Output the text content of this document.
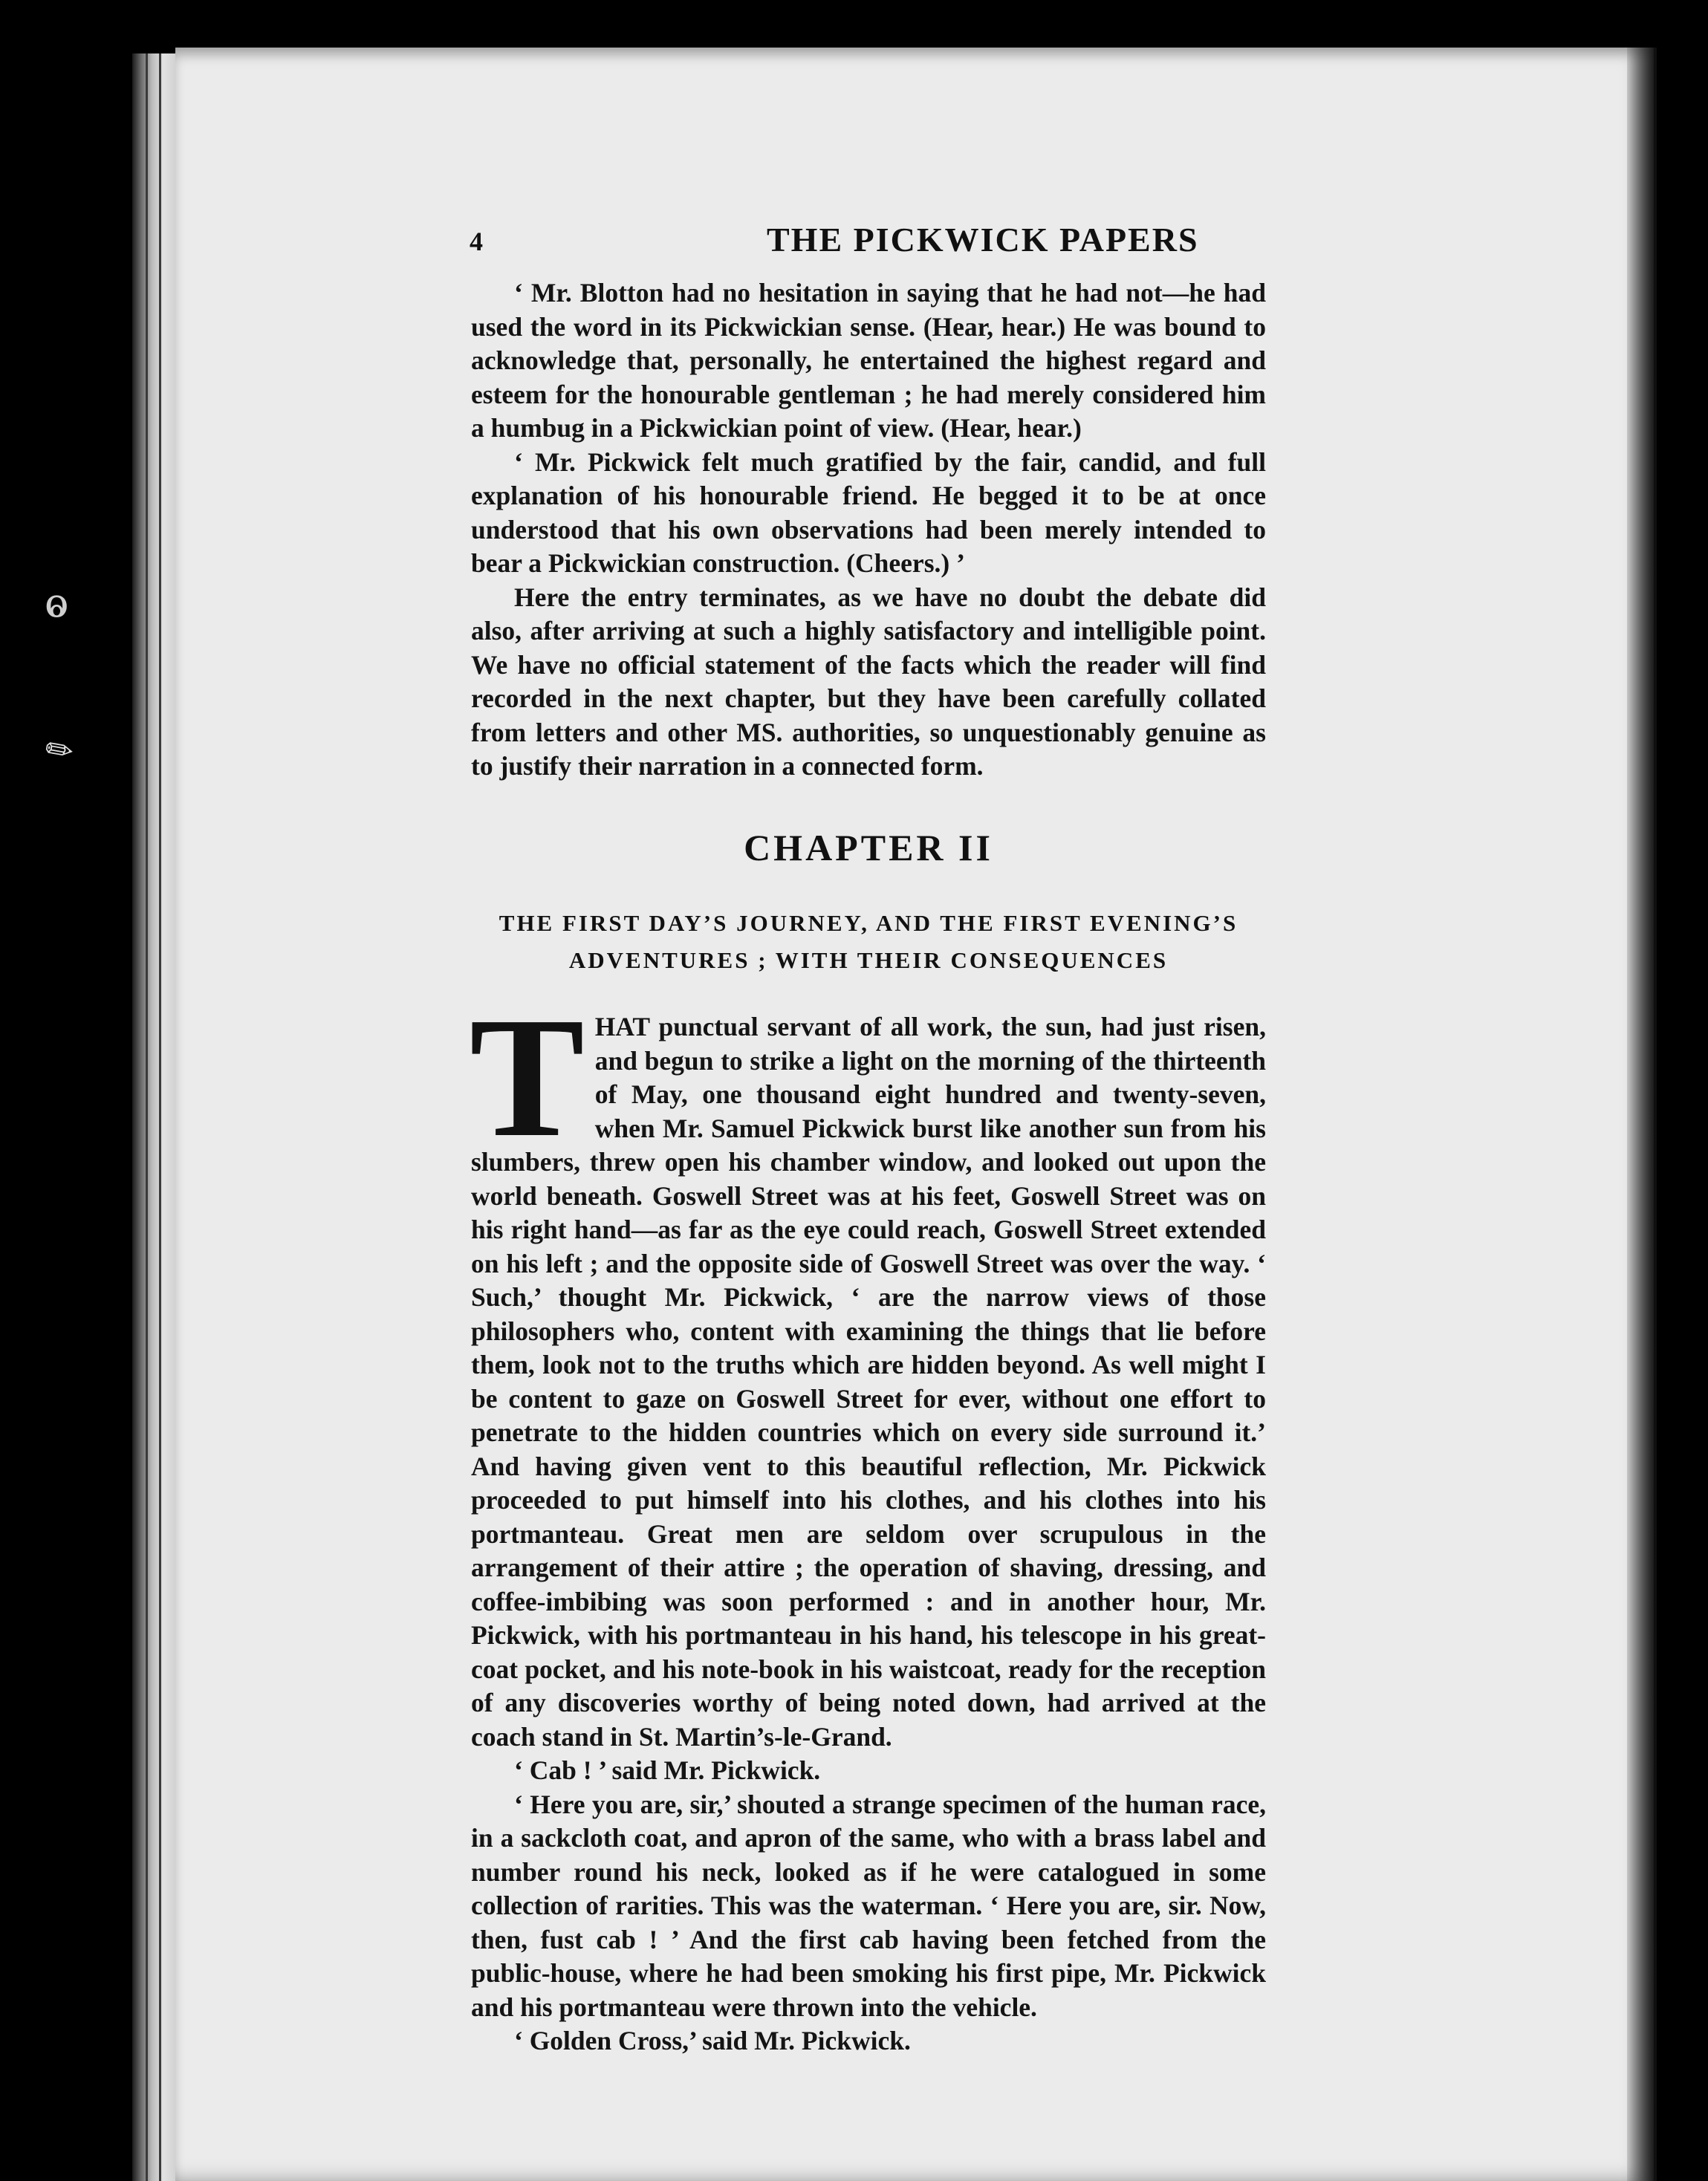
ⱺ
✎
4	THE PICKWICK PAPERS

‘ Mr. Blotton had no hesitation in saying that he had not—he had used the word in its Pickwickian sense. (Hear, hear.) He was bound to acknowledge that, personally, he entertained the highest regard and esteem for the honourable gentleman ; he had merely considered him a humbug in a Pickwickian point of view. (Hear, hear.)

‘ Mr. Pickwick felt much gratified by the fair, candid, and full explanation of his honourable friend. He begged it to be at once understood that his own observations had been merely intended to bear a Pickwickian construction. (Cheers.) ’

Here the entry terminates, as we have no doubt the debate did also, after arriving at such a highly satisfactory and intelligible point. We have no official statement of the facts which the reader will find recorded in the next chapter, but they have been carefully collated from letters and other MS. authorities, so unquestionably genuine as to justify their narration in a connected form.

CHAPTER II
THE FIRST DAY’S JOURNEY, AND THE FIRST EVENING’S
ADVENTURES ; WITH THEIR CONSEQUENCES

THAT punctual servant of all work, the sun, had just risen, and begun to strike a light on the morning of the thirteenth of May, one thousand eight hundred and twenty-seven, when Mr. Samuel Pickwick burst like another sun from his slumbers, threw open his chamber window, and looked out upon the world beneath. Goswell Street was at his feet, Goswell Street was on his right hand—as far as the eye could reach, Goswell Street extended on his left ; and the opposite side of Goswell Street was over the way. ‘ Such,’ thought Mr. Pickwick, ‘ are the narrow views of those philosophers who, content with examining the things that lie before them, look not to the truths which are hidden beyond. As well might I be content to gaze on Goswell Street for ever, without one effort to penetrate to the hidden countries which on every side surround it.’ And having given vent to this beautiful reflection, Mr. Pickwick proceeded to put himself into his clothes, and his clothes into his portmanteau. Great men are seldom over scrupulous in the arrangement of their attire ; the operation of shaving, dressing, and coffee-imbibing was soon performed : and in another hour, Mr. Pickwick, with his portmanteau in his hand, his telescope in his great-coat pocket, and his note-book in his waistcoat, ready for the reception of any discoveries worthy of being noted down, had arrived at the coach stand in St. Martin’s-le-Grand.

‘ Cab ! ’ said Mr. Pickwick.

‘ Here you are, sir,’ shouted a strange specimen of the human race, in a sackcloth coat, and apron of the same, who with a brass label and number round his neck, looked as if he were catalogued in some collection of rarities. This was the waterman. ‘ Here you are, sir. Now, then, fust cab ! ’ And the first cab having been fetched from the public-house, where he had been smoking his first pipe, Mr. Pickwick and his portmanteau were thrown into the vehicle.

‘ Golden Cross,’ said Mr. Pickwick.
